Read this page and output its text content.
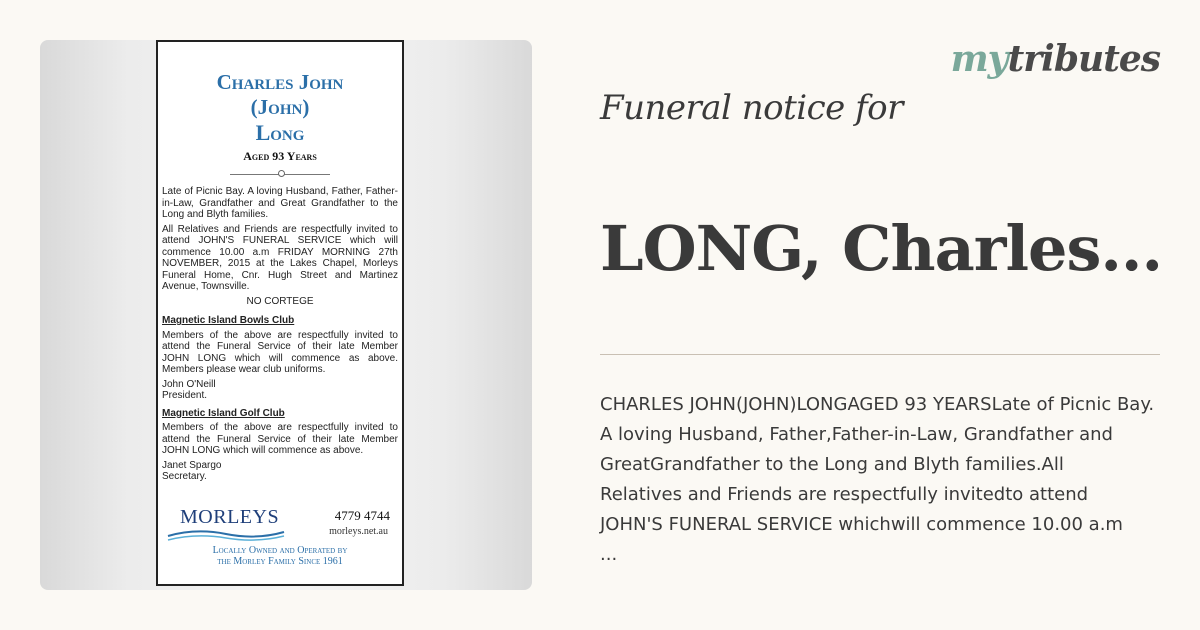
Charles John
(John)
Long
Aged 93 Years

Late of Picnic Bay. A loving Husband, Father, Father-in-Law, Grandfather and Great Grandfather to the Long and Blyth families.

All Relatives and Friends are respectfully invited to attend JOHN'S FUNERAL SERVICE which will commence 10.00 a.m FRIDAY MORNING 27th NOVEMBER, 2015 at the Lakes Chapel, Morleys Funeral Home, Cnr. Hugh Street and Martinez Avenue, Townsville.

NO CORTEGE

Magnetic Island Bowls Club

Members of the above are respectfully invited to attend the Funeral Service of their late Member JOHN LONG which will commence as above. Members please wear club uniforms.

John O'Neill

President.

Magnetic Island Golf Club

Members of the above are respectfully invited to attend the Funeral Service of their late Member JOHN LONG which will commence as above.

Janet Spargo

Secretary.

MORLEYS	4779 4744
morleys.net.au
Locally Owned and Operated by
the Morley Family Since 1961
mytributes
Funeral notice for
LONG, Charles...
CHARLES JOHN(JOHN)LONGAGED 93 YEARSLate of Picnic Bay.
A loving Husband, Father,Father-in-Law, Grandfather and
GreatGrandfather to the Long and Blyth families.All
Relatives and Friends are respectfully invitedto attend
JOHN'S FUNERAL SERVICE whichwill commence 10.00 a.m
...
